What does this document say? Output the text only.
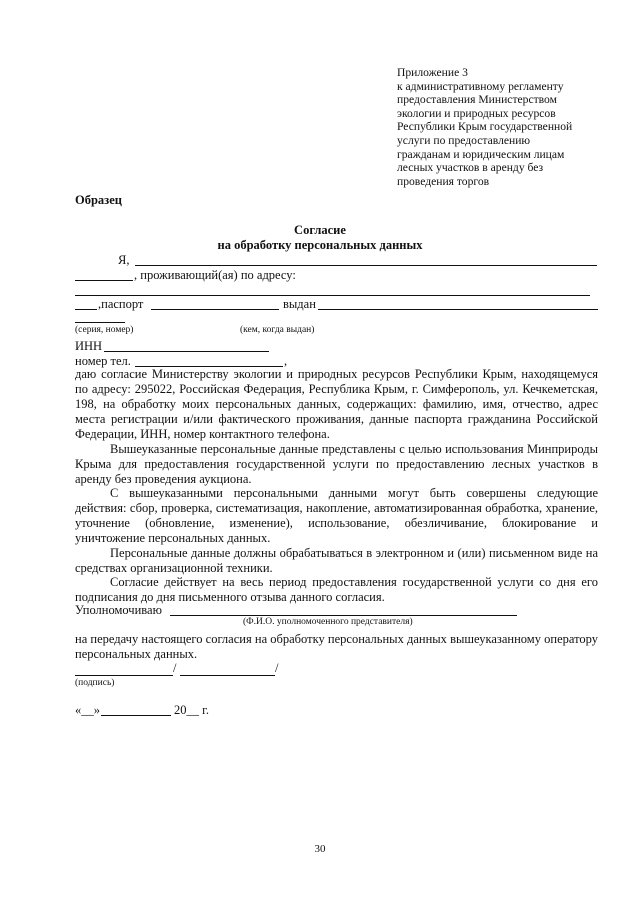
Приложение 3
к административному регламенту
предоставления Министерством
экологии и природных ресурсов
Республики Крым государственной
услуги по предоставлению
гражданам и юридическим лицам
лесных участков в аренду без
проведения торгов
Образец
Согласие
на обработку персональных данных
Я,
, проживающий(ая) по адресу:
,паспорт	выдан
(серия, номер)	(кем, когда выдан)
ИНН
номер тел.	,
даю согласие Министерству экологии и природных ресурсов Республики Крым, находящемуся по адресу: 295022, Российская Федерация, Республика Крым, г. Симферополь, ул. Кечкеметская, 198, на обработку моих персональных данных, содержащих: фамилию, имя, отчество, адрес места регистрации и/или фактического проживания, данные паспорта гражданина Российской Федерации, ИНН, номер контактного телефона.
Вышеуказанные персональные данные представлены с целью использования Минприроды Крыма для предоставления государственной услуги по предоставлению лесных участков в аренду без проведения аукциона.
С вышеуказанными персональными данными могут быть совершены следующие действия: сбор, проверка, систематизация, накопление, автоматизированная обработка, хранение, уточнение (обновление, изменение), использование, обезличивание, блокирование и уничтожение персональных данных.
Персональные данные должны обрабатываться в электронном и (или) письменном виде на средствах организационной техники.
Согласие действует на весь период предоставления государственной услуги со дня его подписания до дня письменного отзыва данного согласия.
Уполномочиваю
(Ф.И.О. уполномоченного представителя)
на передачу настоящего согласия на обработку персональных данных вышеуказанному оператору персональных данных.
/	/
(подпись)
«__»	20__ г.
30
